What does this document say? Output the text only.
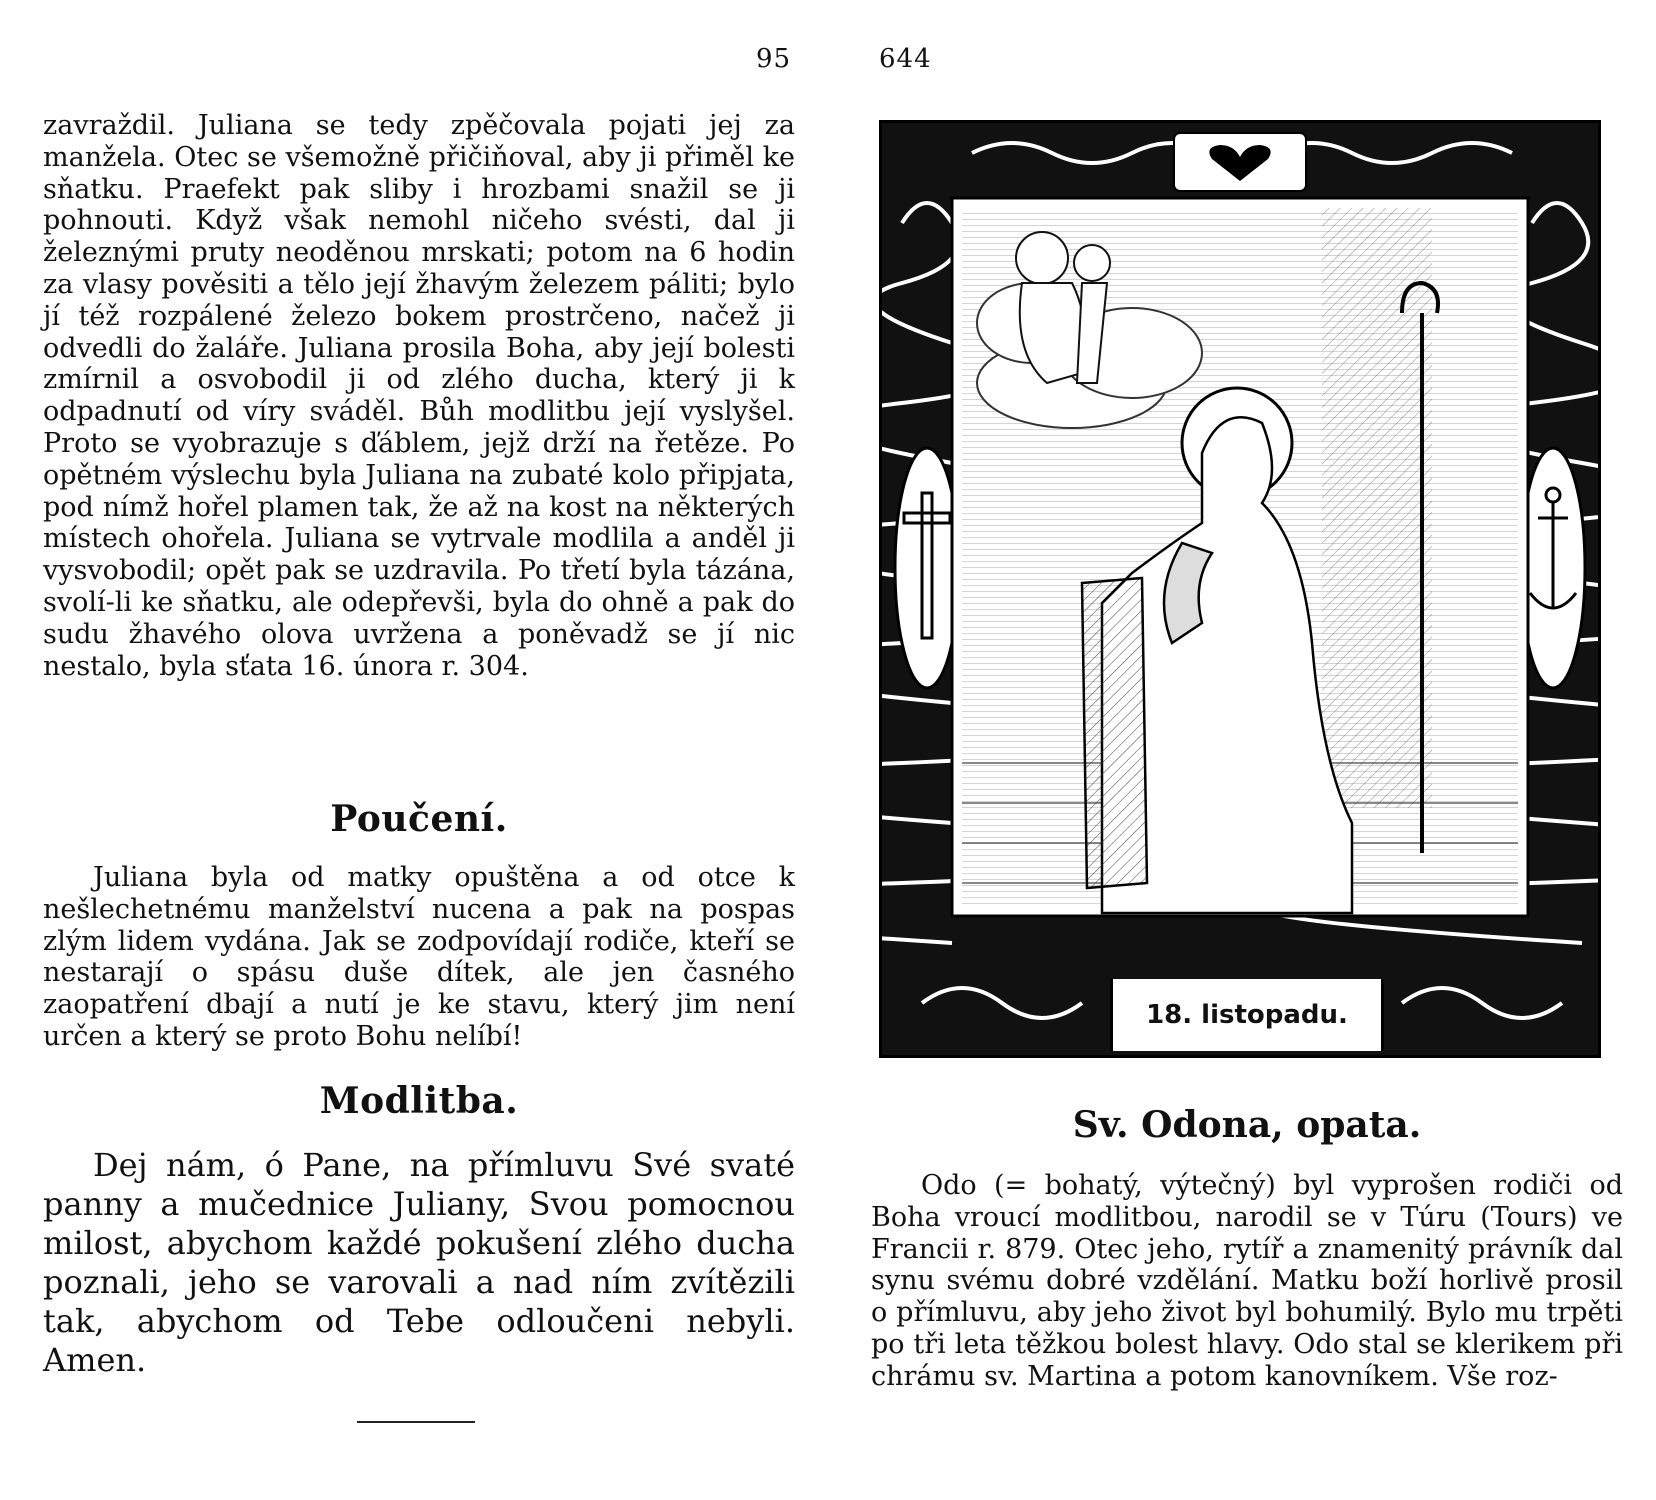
95

zavraždil. Juliana se tedy zpěčovala pojati jej za manžela. Otec se všemožně přičiňoval, aby ji přiměl ke sňatku. Praefekt pak sliby i hrozbami snažil se ji pohnouti. Když však nemohl ničeho svésti, dal ji železnými pruty neoděnou mrskati; potom na 6 hodin za vlasy pověsiti a tělo její žhavým železem páliti; bylo jí též rozpálené železo bokem prostrčeno, načež ji odvedli do žaláře. Juliana prosila Boha, aby její bolesti zmírnil a osvobodil ji od zlého ducha, který ji k odpadnutí od víry sváděl. Bůh modlitbu její vyslyšel. Proto se vyobrazuje s ďáblem, jejž drží na řetěze. Po opětném výslechu byla Juliana na zubaté kolo připjata, pod nímž hořel plamen tak, že až na kost na některých místech ohořela. Juliana se vytrvale modlila a anděl ji vysvobodil; opět pak se uzdravila. Po třetí byla tázána, svolí-li ke sňatku, ale odepřevši, byla do ohně a pak do sudu žhavého olova uvržena a poněvadž se jí nic nestalo, byla sťata 16. února r. 304.

Poučení.

Juliana byla od matky opuštěna a od otce k nešlechetnému manželství nucena a pak na pospas zlým lidem vydána. Jak se zodpovídají rodiče, kteří se nestarají o spásu duše dítek, ale jen časného zaopatření dbají a nutí je ke stavu, který jim není určen a který se proto Bohu nelíbí!

Modlitba.

Dej nám, ó Pane, na přímluvu Své svaté panny a mučednice Juliany, Svou pomocnou milost, abychom každé pokušení zlého ducha poznali, jeho se varovali a nad ním zvítězili tak, abychom od Tebe odloučeni nebyli. Amen.

644
18. listopadu.
Sv. Odona, opata.

Odo (= bohatý, výtečný) byl vyprošen rodiči od Boha vroucí modlitbou, narodil se v Túru (Tours) ve Francii r. 879. Otec jeho, rytíř a znamenitý právník dal synu svému dobré vzdělání. Matku boží horlivě prosil o přímluvu, aby jeho život byl bohumilý. Bylo mu trpěti po tři leta těžkou bolest hlavy. Odo stal se klerikem při chrámu sv. Martina a potom kanovníkem. Vše roz-
